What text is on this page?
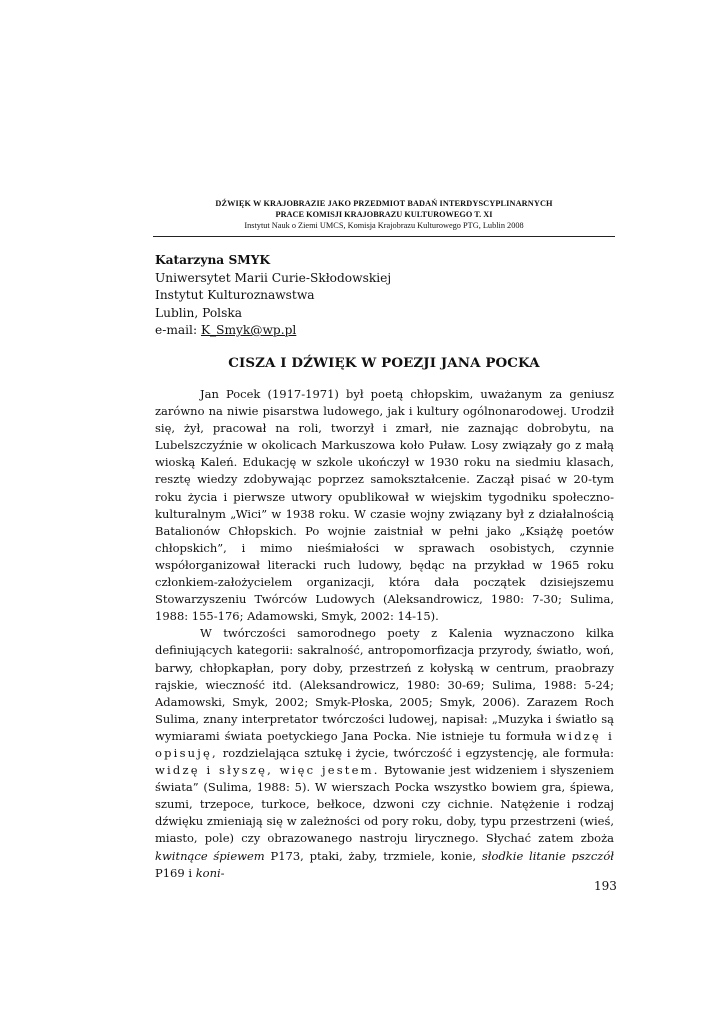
DŹWIĘK W KRAJOBRAZIE JAKO PRZEDMIOT BADAŃ INTERDYSCYPLINARNYCH
PRACE KOMISJI KRAJOBRAZU KULTUROWEGO T. XI
Instytut Nauk o Ziemi UMCS, Komisja Krajobrazu Kulturowego PTG, Lublin 2008
Katarzyna SMYK
Uniwersytet Marii Curie-Skłodowskiej
Instytut Kulturoznawstwa
Lublin, Polska
e-mail: K_Smyk@wp.pl
CISZA I DŹWIĘK W POEZJI JANA POCKA

Jan Pocek (1917-1971) był poetą chłopskim, uważanym za geniusz zarówno na niwie pisarstwa ludowego, jak i kultury ogólnonarodowej. Urodził się, żył, pracował na roli, tworzył i zmarł, nie zaznając dobrobytu, na Lubelszczyźnie w okolicach Markuszowa koło Puław. Losy związały go z małą wioską Kaleń. Edukację w szkole ukończył w 1930 roku na siedmiu klasach, resztę wiedzy zdobywając poprzez samokształcenie. Zaczął pisać w 20-tym roku życia i pierwsze utwory opublikował w wiejskim tygodniku społeczno-kulturalnym „Wici” w 1938 roku. W czasie wojny związany był z działalnością Batalionów Chłopskich. Po wojnie zaistniał w pełni jako „Książę poetów chłopskich”, i mimo nieśmiałości w sprawach osobistych, czynnie współorganizował literacki ruch ludowy, będąc na przykład w 1965 roku członkiem-założycielem organizacji, która dała początek dzisiejszemu Stowarzyszeniu Twórców Ludowych (Aleksandrowicz, 1980: 7-30; Sulima, 1988: 155-176; Adamowski, Smyk, 2002: 14-15).

W twórczości samorodnego poety z Kalenia wyznaczono kilka definiujących kategorii: sakralność, antropomorfizacja przyrody, światło, woń, barwy, chłopkapłan, pory doby, przestrzeń z kołyską w centrum, praobrazy rajskie, wieczność itd. (Aleksandrowicz, 1980: 30-69; Sulima, 1988: 5-24; Adamowski, Smyk, 2002; Smyk-Płoska, 2005; Smyk, 2006). Zarazem Roch Sulima, znany interpretator twórczości ludowej, napisał: „Muzyka i światło są wymiarami świata poetyckiego Jana Pocka. Nie istnieje tu formuła widzę i opisuję, rozdzielająca sztukę i życie, twórczość i egzystencję, ale formuła: widzę i słyszę, więc jestem. Bytowanie jest widzeniem i słyszeniem świata” (Sulima, 1988: 5). W wierszach Pocka wszystko bowiem gra, śpiewa, szumi, trzepoce, turkoce, bełkoce, dzwoni czy cichnie. Natężenie i rodzaj dźwięku zmieniają się w zależności od pory roku, doby, typu przestrzeni (wieś, miasto, pole) czy obrazowanego nastroju lirycznego. Słychać zatem zboża kwitnące śpiewem P173, ptaki, żaby, trzmiele, konie, słodkie litanie pszczół P169 i koni-

193
